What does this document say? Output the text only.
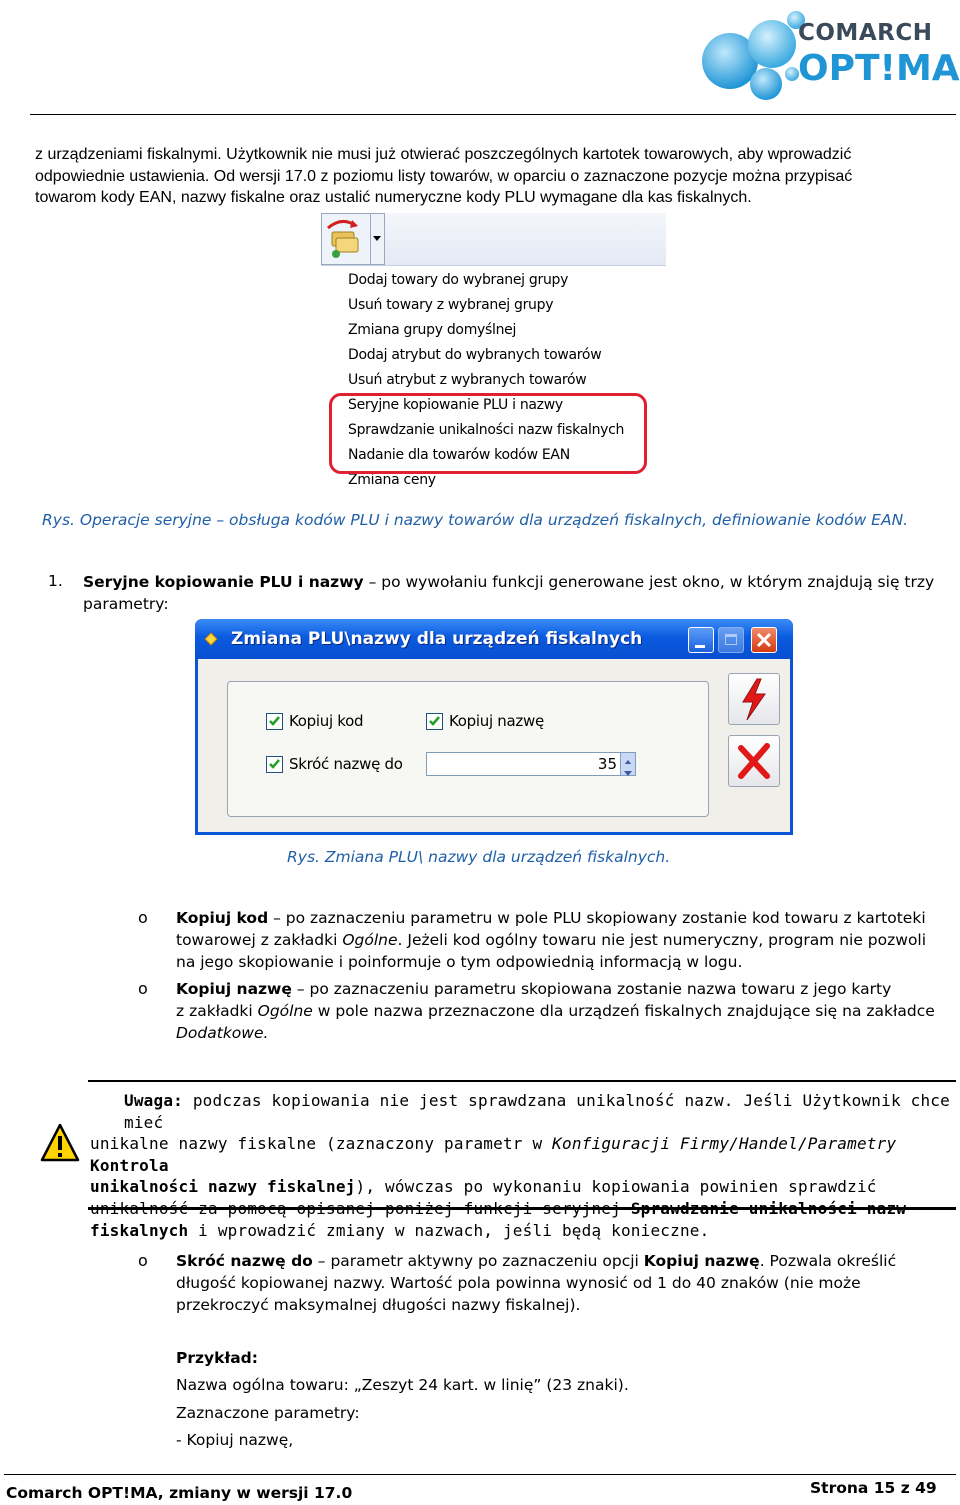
COMARCH
OPT!MA
z urządzeniami fiskalnymi. Użytkownik nie musi już otwierać poszczególnych kartotek towarowych, aby wprowadzić
odpowiednie ustawienia. Od wersji 17.0 z poziomu listy towarów, w oparciu o zaznaczone pozycje można przypisać
towarom kody EAN, nazwy fiskalne oraz ustalić numeryczne kody PLU wymagane dla kas fiskalnych.
Dodaj towary do wybranej grupy
Usuń towary z wybranej grupy
Zmiana grupy domyślnej
Dodaj atrybut do wybranych towarów
Usuń atrybut z wybranych towarów
Seryjne kopiowanie PLU i nazwy
Sprawdzanie unikalności nazw fiskalnych
Nadanie dla towarów kodów EAN
Zmiana ceny
Rys. Operacje seryjne – obsługa kodów PLU i nazwy towarów dla urządzeń fiskalnych, definiowanie kodów EAN.
1. Seryjne kopiowanie PLU i nazwy – po wywołaniu funkcji generowane jest okno, w którym znajdują się trzy
parametry:
Zmiana PLU\nazwy dla urządzeń fiskalnych
Kopiuj kod	Kopiuj nazwę
Skróć nazwę do	35
Rys. Zmiana PLU\ nazwy dla urządzeń fiskalnych.
o Kopiuj kod – po zaznaczeniu parametru w pole PLU skopiowany zostanie kod towaru z kartoteki
towarowej z zakładki Ogólne. Jeżeli kod ogólny towaru nie jest numeryczny, program nie pozwoli
na jego skopiowanie i poinformuje o tym odpowiednią informacją w logu.
o Kopiuj nazwę – po zaznaczeniu parametru skopiowana zostanie nazwa towaru z jego karty
z zakładki Ogólne w pole nazwa przeznaczone dla urządzeń fiskalnych znajdujące się na zakładce
Dodatkowe.
Uwaga: podczas kopiowania nie jest sprawdzana unikalność nazw. Jeśli Użytkownik chce mieć
unikalne nazwy fiskalne (zaznaczony parametr w Konfiguracji Firmy/Handel/Parametry Kontrola
unikalności nazwy fiskalnej), wówczas po wykonaniu kopiowania powinien sprawdzić
fiskalnych i wprowadzić zmiany w nazwach, jeśli będą konieczne.
o Skróć nazwę do – parametr aktywny po zaznaczeniu opcji Kopiuj nazwę. Pozwala określić
długość kopiowanej nazwy. Wartość pola powinna wynosić od 1 do 40 znaków (nie może
przekroczyć maksymalnej długości nazwy fiskalnej).
Przykład:
Nazwa ogólna towaru: „Zeszyt 24 kart. w linię” (23 znaki).
Zaznaczone parametry:
- Kopiuj nazwę,
Comarch OPT!MA, zmiany w wersji 17.0	Strona 15 z 49
